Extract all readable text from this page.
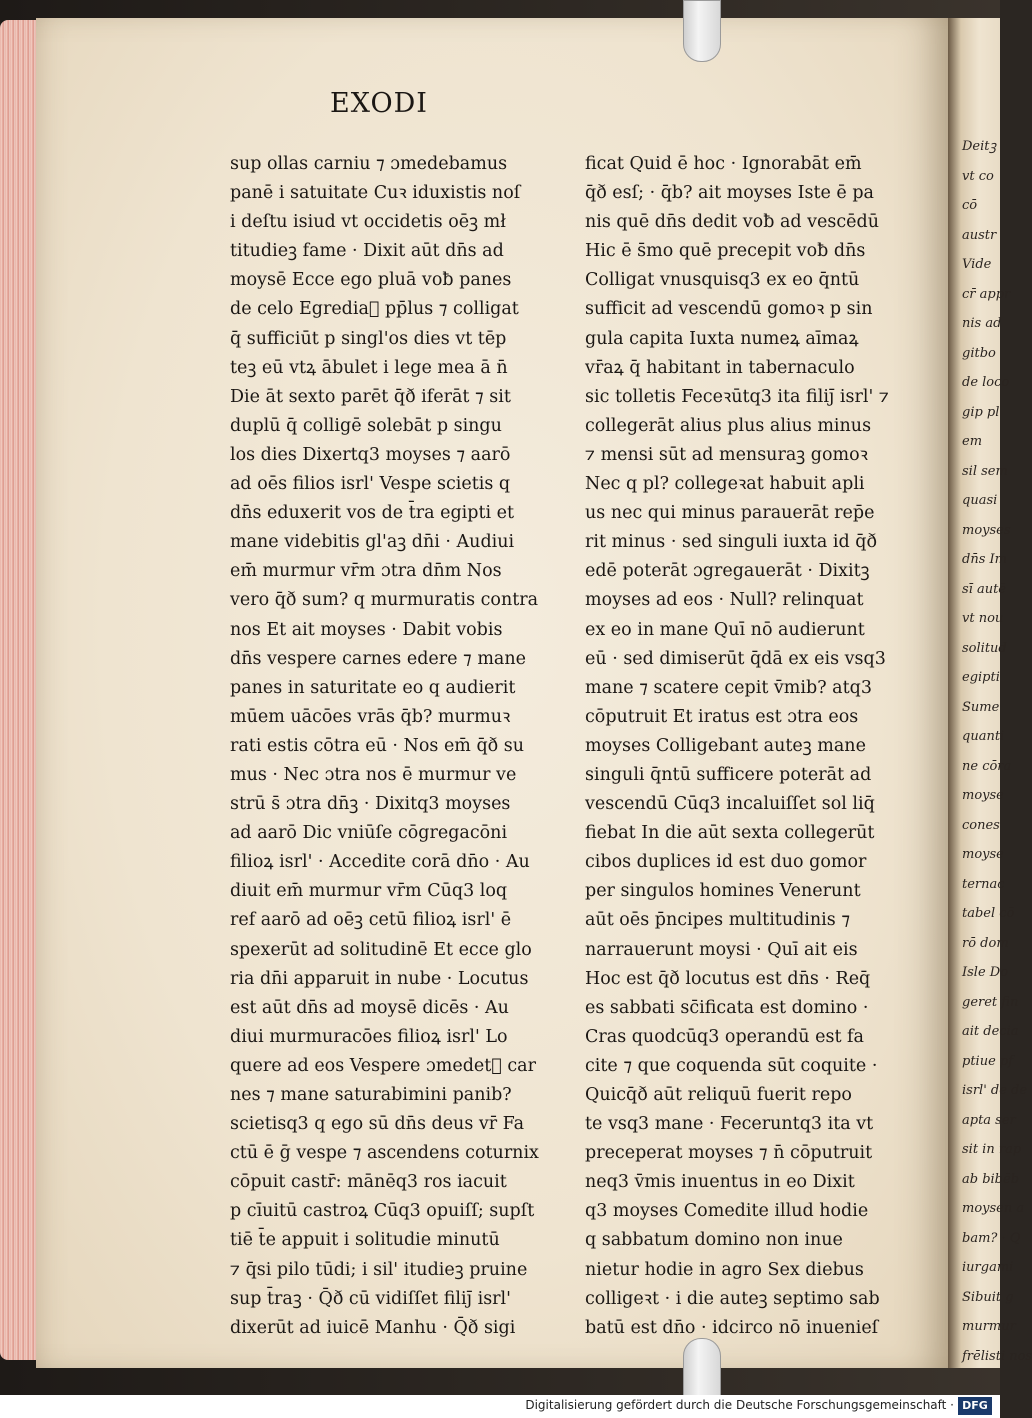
Deitꝫ
vt co
cō
austr
Vide
cr̄ appr
nis ad
gitbo
de loco
gip pl
em
sil sem
quasi
moyses
dn̄s Im
sī autē
vt nou
solitud
egipti
Sume
quanti
ne cōra
moyse
cones
moyse
ternac
tabel cō
rō dom
Isle Do
geret fin
ait decia
ptiue pf
isrl' de de
apta ser
sit in rap
ab bibēb
moysen a
bam? · Q
iurgami
Sibuit g
murmur
frēlisti nos
EXODI
sup ollas carniu ⁊ ɔmedebamus
panē i satuitate Cuꝛ iduxistis noſ
i deſtu isiud vt occidetis oēꝫ mł
titudieꝫ fame · Dixit aūt dn̄s ad
moysē Ecce ego pluā voƀ panes
de celo Egrediaᷣ pp̄lus ⁊ colligat
q̄ sufficiūt p singl'os dies vt tēp
teꝫ eū vtꝝ ābulet i lege mea ā n̄
Die āt sexto parēt q̄ð iferāt ⁊ sit
duplū q̄ colligē solebāt p singu
los dies Dixertq3 moyses ⁊ aarō
ad oēs filios isrl' Vespe scietis q
dn̄s eduxerit vos de t̄ra egipti et
mane videbitis gl'aꝫ dn̄i · Audiui
em̄ murmur vr̄m ɔtra dn̄m Nos
vero q̄ð sum? q murmuratis contra
nos Et ait moyses · Dabit vobis
dn̄s vespere carnes edere ⁊ mane
panes in saturitate eo q audierit
mūem uācōes vrās q̄b? murmuꝛ
rati estis cōtra eū · Nos em̄ q̄ð su
mus · Nec ɔtra nos ē murmur ve
strū s̄ ɔtra dn̄ꝫ · Dixitq3 moyses
ad aarō Dic vniūſe cōgregacōni
filioꝝ isrl' · Accedite corā dn̄o · Au
diuit em̄ murmur vr̄m Cūq3 loq
ref aarō ad oēꝫ cetū filioꝝ isrl' ē
spexerūt ad solitudinē Et ecce glo
ria dn̄i apparuit in nube · Locutus
est aūt dn̄s ad moysē dicēs · Au
diui murmuracōes filioꝝ isrl' Lo
quere ad eos Vespere ɔmedetᷣ car
nes ⁊ mane saturabimini panib?
scietisq3 q ego sū dn̄s deus vr̄ Fa
ctū ē ḡ vespe ⁊ ascendens coturnix
cōpuit castr̄: mānēq3 ros iacuit
p cīuitū castroꝝ Cūq3 opuiſſ; supſt
tiē t̄e appuit i solitudie minutū
⁊ q̄si pilo tūdi; i sil' itudieꝫ pruine
sup t̄raꝫ · Q̄ð cū vidiſſet filiȷ̄ isrl'
dixerūt ad iuicē Manhu · Q̄ð sigi
ficat Quid ē hoc · Ignorabāt em̄
q̄ð esſ; · q̄b? ait moyses Iste ē pa
nis quē dn̄s dedit voƀ ad vescēdū
Hic ē s̄mo quē precepit voƀ dn̄s
Colligat vnusquisq3 ex eo q̄ntū
sufficit ad vescendū gomoꝛ p sin
gula capita Iuxta numeꝝ aīmaꝝ
vr̄aꝝ q̄ habitant in tabernaculo
sic tolletis Feceꝛūtq3 ita filiȷ̄ isrl' ⁊
collegerāt alius plus alius minus
⁊ mensi sūt ad mensuraꝫ gomoꝛ
Nec q pl? collegeꝛat habuit apli
us nec qui minus parauerāt rep̄e
rit minus · sed singuli iuxta id q̄ð
edē poterāt ɔgregauerāt · Dixitꝫ
moyses ad eos · Null? relinquat
ex eo in mane Quī nō audierunt
eū · sed dimiserūt q̄dā ex eis vsq3
mane ⁊ scatere cepit v̄mib? atq3
cōputruit Et iratus est ɔtra eos
moyses Colligebant auteꝫ mane
singuli q̄ntū sufficere poterāt ad
vescendū Cūq3 incaluiſſet sol liq̄
fiebat In die aūt sexta collegerūt
cibos duplices id est duo gomor
per singulos homines Venerunt
aūt oēs p̄ncipes multitudinis ⁊
narrauerunt moysi · Quī ait eis
Hoc est q̄ð locutus est dn̄s · Req̄
es sabbati sc̄ificata est domino ·
Cras quodcūq3 operandū est fa
cite ⁊ que coquenda sūt coquite ·
Quicq̄ð aūt reliquū fuerit repo
te vsq3 mane · Feceruntq3 ita vt
preceperat moyses ⁊ n̄ cōputruit
neq3 v̄mis inuentus in eo Dixit
q3 moyses Comedite illud hodie
q sabbatum domino non inue
nietur hodie in agro Sex diebus
colligeꝛt · i die auteꝫ septimo sab
batū est dn̄o · idcirco nō inuenieſ
Digitalisierung gefördert durch die Deutsche Forschungsgemeinschaft · DFG
